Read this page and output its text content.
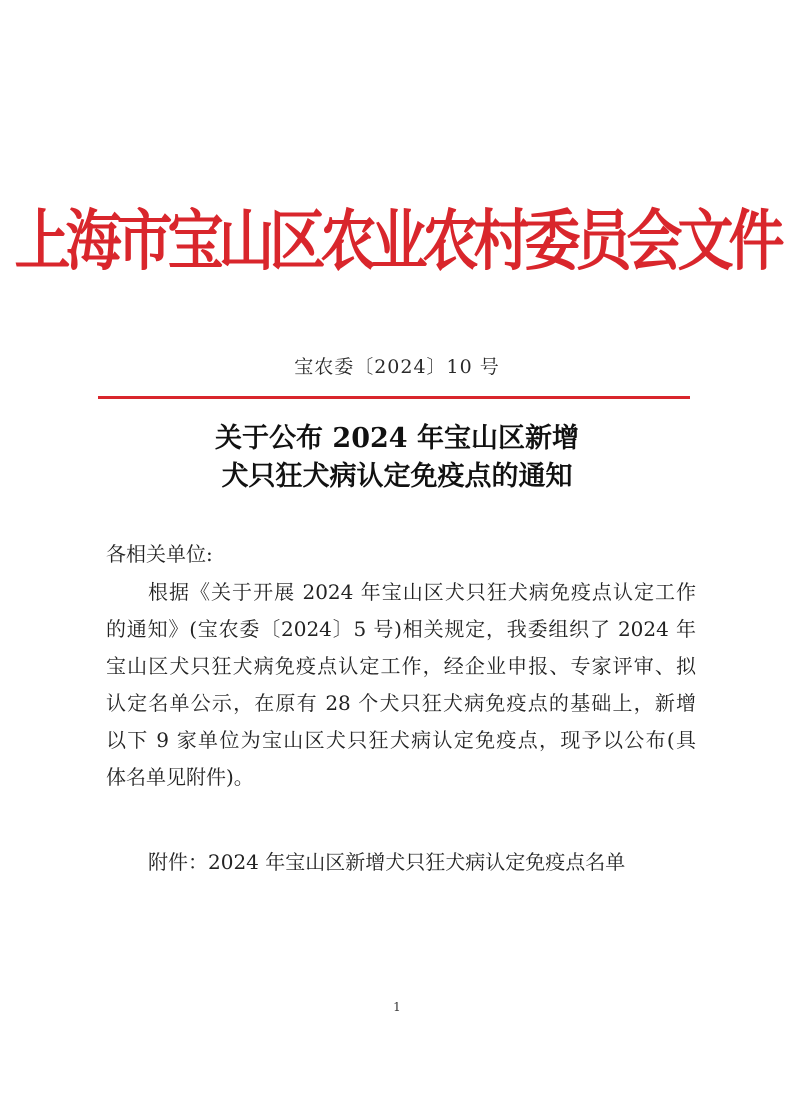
上海市宝山区农业农村委员会文件
宝农委〔2024〕10 号
关于公布 2024 年宝山区新增
犬只狂犬病认定免疫点的通知
各相关单位:
根据《关于开展 2024 年宝山区犬只狂犬病免疫点认定工作
的通知》(宝农委〔2024〕5 号)相关规定，我委组织了 2024 年
宝山区犬只狂犬病免疫点认定工作，经企业申报、专家评审、拟
认定名单公示，在原有 28 个犬只狂犬病免疫点的基础上，新增
以下 9 家单位为宝山区犬只狂犬病认定免疫点，现予以公布(具
体名单见附件)。
附件：2024 年宝山区新增犬只狂犬病认定免疫点名单
1
